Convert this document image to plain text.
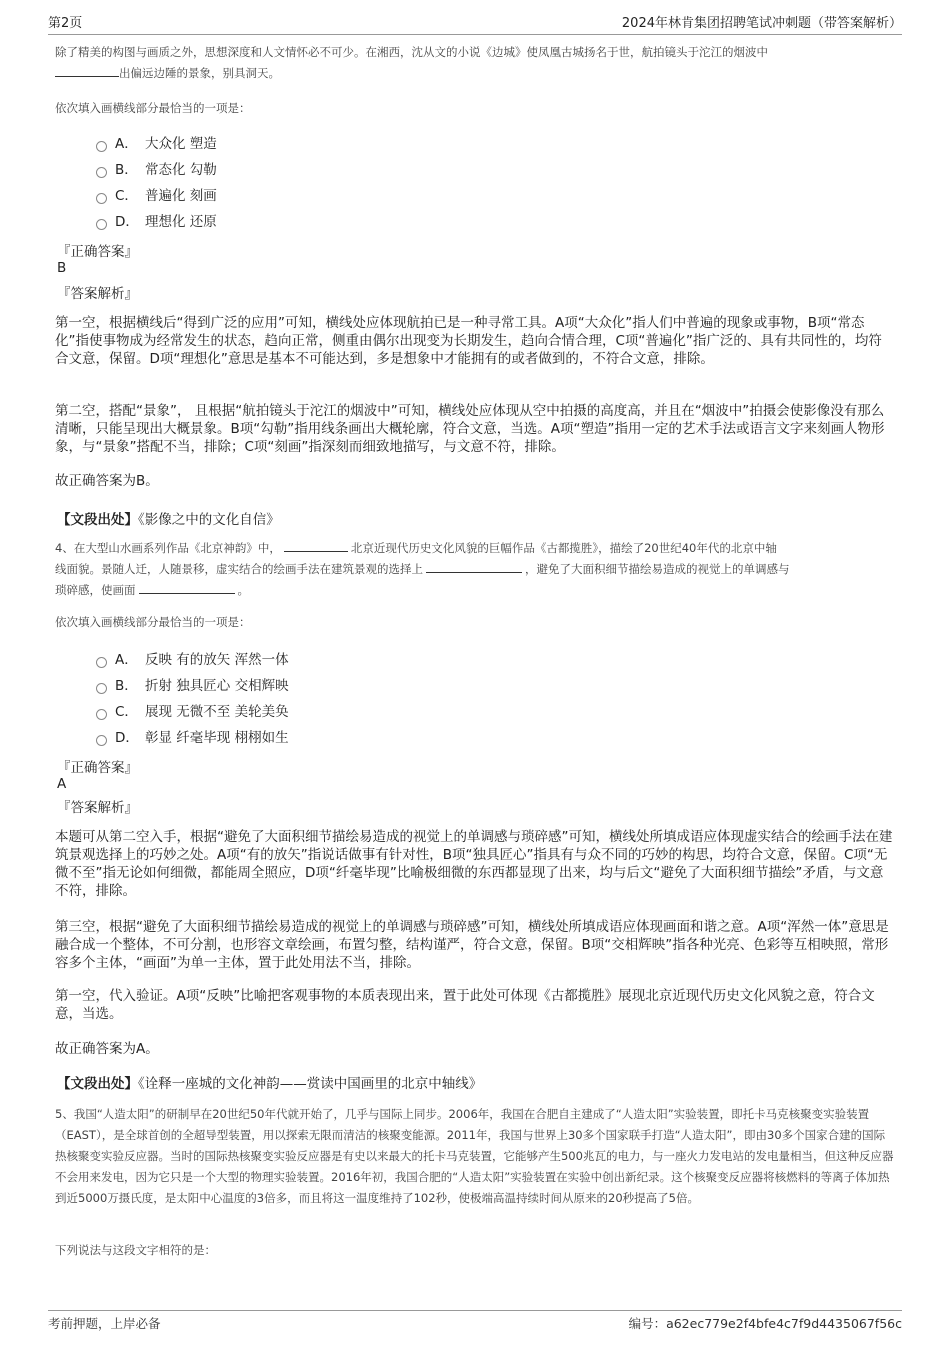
第2页	2024年林肯集团招聘笔试冲刺题（带答案解析）
除了精美的构图与画质之外，思想深度和人文情怀必不可少。在湘西，沈从文的小说《边城》使凤凰古城扬名于世，航拍镜头于沱江的烟波中
出偏远边陲的景象，别具洞天。
依次填入画横线部分最恰当的一项是：
A． 大众化 塑造
B． 常态化 勾勒
C． 普遍化 刻画
D． 理想化 还原
『正确答案』
B
『答案解析』
第一空，根据横线后“得到广泛的应用”可知，横线处应体现航拍已是一种寻常工具。A项“大众化”指人们中普遍的现象或事物，B项“常态化”指使事物成为经常发生的状态，趋向正常，侧重由偶尔出现变为长期发生，趋向合情合理，C项“普遍化”指广泛的、具有共同性的，均符合文意，保留。D项“理想化”意思是基本不可能达到，多是想象中才能拥有的或者做到的，不符合文意，排除。
第二空，搭配“景象”， 且根据“航拍镜头于沱江的烟波中”可知，横线处应体现从空中拍摄的高度高，并且在“烟波中”拍摄会使影像没有那么清晰，只能呈现出大概景象。B项“勾勒”指用线条画出大概轮廓，符合文意，当选。A项“塑造”指用一定的艺术手法或语言文字来刻画人物形象，与“景象”搭配不当，排除；C项“刻画”指深刻而细致地描写，与文意不符，排除。
故正确答案为B。
【文段出处】《影像之中的文化自信》
4、在大型山水画系列作品《北京神韵》中，	北京近现代历史文化风貌的巨幅作品《古都揽胜》，描绘了20世纪40年代的北京中轴
线面貌。景随人迁，人随景移，虚实结合的绘画手法在建筑景观的选择上	，避免了大面积细节描绘易造成的视觉上的单调感与
琐碎感，使画面	。
依次填入画横线部分最恰当的一项是：
A． 反映 有的放矢 浑然一体
B． 折射 独具匠心 交相辉映
C． 展现 无微不至 美轮美奂
D． 彰显 纤毫毕现 栩栩如生
『正确答案』
A
『答案解析』
本题可从第二空入手，根据“避免了大面积细节描绘易造成的视觉上的单调感与琐碎感”可知，横线处所填成语应体现虚实结合的绘画手法在建筑景观选择上的巧妙之处。A项“有的放矢”指说话做事有针对性，B项“独具匠心”指具有与众不同的巧妙的构思，均符合文意，保留。C项“无微不至”指无论如何细微，都能周全照应，D项“纤毫毕现”比喻极细微的东西都显现了出来，均与后文“避免了大面积细节描绘”矛盾，与文意不符，排除。
第三空，根据“避免了大面积细节描绘易造成的视觉上的单调感与琐碎感”可知，横线处所填成语应体现画面和谐之意。A项“浑然一体”意思是融合成一个整体，不可分割，也形容文章绘画，布置匀整，结构谨严，符合文意，保留。B项“交相辉映”指各种光亮、色彩等互相映照，常形容多个主体，“画面”为单一主体，置于此处用法不当，排除。
第一空，代入验证。A项“反映”比喻把客观事物的本质表现出来，置于此处可体现《古都揽胜》展现北京近现代历史文化风貌之意，符合文意，当选。
故正确答案为A。
【文段出处】《诠释一座城的文化神韵——赏读中国画里的北京中轴线》
5、我国“人造太阳”的研制早在20世纪50年代就开始了，几乎与国际上同步。2006年，我国在合肥自主建成了“人造太阳”实验装置，即托卡马克核聚变实验装置（EAST），是全球首创的全超导型装置，用以探索无限而清洁的核聚变能源。2011年，我国与世界上30多个国家联手打造“人造太阳”，即由30多个国家合建的国际热核聚变实验反应器。当时的国际热核聚变实验反应器是有史以来最大的托卡马克装置，它能够产生500兆瓦的电力，与一座火力发电站的发电量相当，但这种反应器不会用来发电，因为它只是一个大型的物理实验装置。2016年初，我国合肥的“人造太阳”实验装置在实验中创出新纪录。这个核聚变反应器将核燃料的等离子体加热到近5000万摄氏度，是太阳中心温度的3倍多，而且将这一温度维持了102秒，使极端高温持续时间从原来的20秒提高了5倍。
下列说法与这段文字相符的是：
考前押题，上岸必备	编号：a62ec779e2f4bfe4c7f9d4435067f56c
